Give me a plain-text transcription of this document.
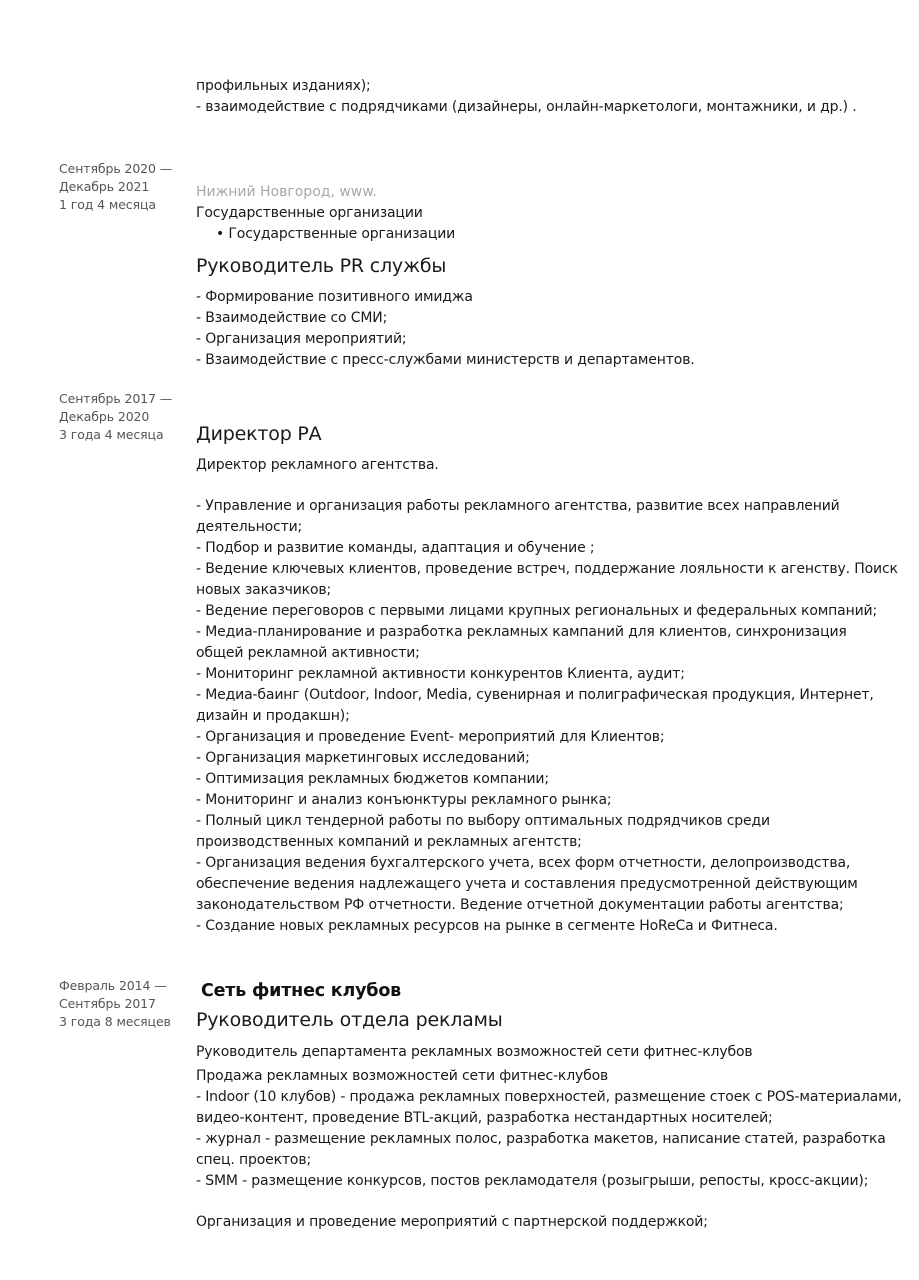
профильных изданиях);
- взаимодействие с подрядчиками (дизайнеры, онлайн-маркетологи, монтажники, и др.) .
Сентябрь 2020 —
Декабрь 2021
1 год 4 месяца
Нижний Новгород, www.
Государственные организации
• Государственные организации
Руководитель PR службы
- Формирование позитивного имиджа
- Взаимодействие со СМИ;
- Организация мероприятий;
- Взаимодействие с пресс-службами министерств и департаментов.
Сентябрь 2017 —
Декабрь 2020
3 года 4 месяца	Директор РА
Директор рекламного агентства.
- Управление и организация работы рекламного агентства, развитие всех направлений
деятельности;
- Подбор и развитие команды, адаптация и обучение ;
- Ведение ключевых клиентов, проведение встреч, поддержание лояльности к агенству. Поиск
новых заказчиков;
- Ведение переговоров с первыми лицами крупных региональных и федеральных компаний;
- Медиа-планирование и разработка рекламных кампаний для клиентов, синхронизация
общей рекламной активности;
- Мониторинг рекламной активности конкурентов Клиента, аудит;
- Медиа-баинг (Outdoor, Indoor, Media, сувенирная и полиграфическая продукция, Интернет,
дизайн и продакшн);
- Организация и проведение Event- мероприятий для Клиентов;
- Организация маркетинговых исследований;
- Оптимизация рекламных бюджетов компании;
- Мониторинг и анализ конъюнктуры рекламного рынка;
- Полный цикл тендерной работы по выбору оптимальных подрядчиков среди
производственных компаний и рекламных агентств;
- Организация ведения бухгалтерского учета, всех форм отчетности, делопроизводства,
обеспечение ведения надлежащего учета и составления предусмотренной действующим
законодательством РФ отчетности. Ведение отчетной документации работы агентства;
- Создание новых рекламных ресурсов на рынке в сегменте HoReCa и Фитнеса.
Февраль 2014 —
Сентябрь 2017
3 года 8 месяцев
Сеть фитнес клубов
Руководитель отдела рекламы
Руководитель департамента рекламных возможностей сети фитнес-клубов
Продажа рекламных возможностей сети фитнес-клубов
- Indoor (10 клубов) - продажа рекламных поверхностей, размещение стоек с POS-материалами,
видео-контент, проведение BTL-акций, разработка нестандартных носителей;
- журнал - размещение рекламных полос, разработка макетов, написание статей, разработка
спец. проектов;
- SMM - размещение конкурсов, постов рекламодателя (розыгрыши, репосты, кросс-акции);
Организация и проведение мероприятий с партнерской поддержкой;
